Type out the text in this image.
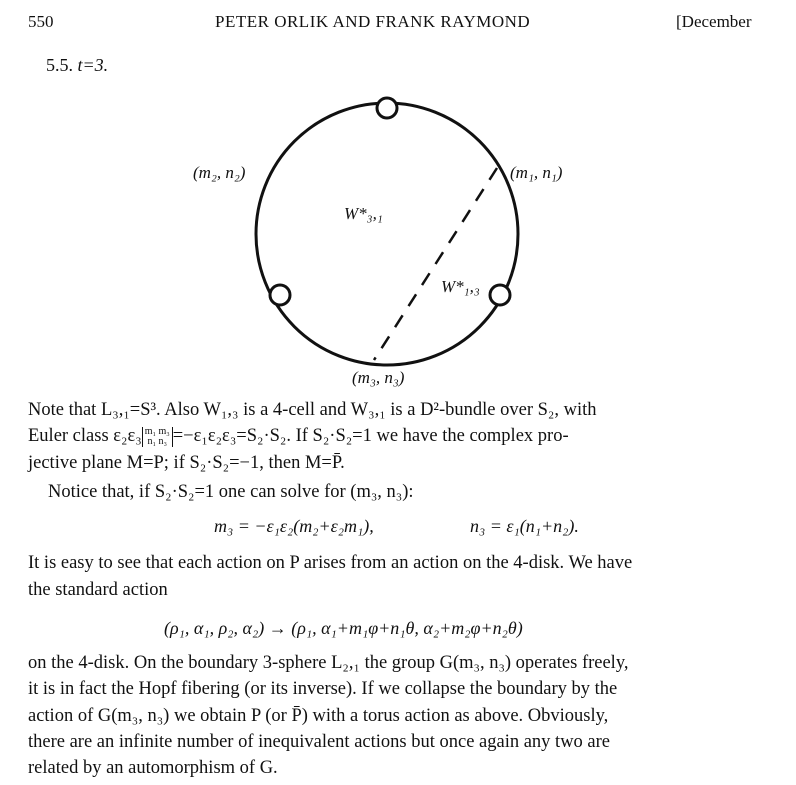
550	PETER ORLIK AND FRANK RAYMOND	[December
5.5. t=3.
(m₂, n₂)	(m₁, n₁)
(m₃, n₃)
W*₃,₁
W*₁,₃
Note that L₃,₁=S³. Also W₁,₃ is a 4-cell and W₃,₁ is a D²-bundle over S₂, with
Euler class ε₂ε₃ m₁ m₃
n₁ n₃ =−ε₁ε₂ε₃=S₂·S₂. If S₂·S₂=1 we have the complex pro-
jective plane M=P; if S₂·S₂=−1, then M=P̄.
Notice that, if S₂·S₂=1 one can solve for (m₃, n₃):
m₃ = −ε₁ε₂(m₂+ε₂m₁),	n₃ = ε₁(n₁+n₂).
It is easy to see that each action on P arises from an action on the 4-disk. We have
the standard action
(ρ₁, α₁, ρ₂, α₂) → (ρ₁, α₁+m₁φ+n₁θ, α₂+m₂φ+n₂θ)
on the 4-disk. On the boundary 3-sphere L₂,₁ the group G(m₃, n₃) operates freely,
it is in fact the Hopf fibering (or its inverse). If we collapse the boundary by the
action of G(m₃, n₃) we obtain P (or P̄) with a torus action as above. Obviously,
there are an infinite number of inequivalent actions but once again any two are
related by an automorphism of G.
